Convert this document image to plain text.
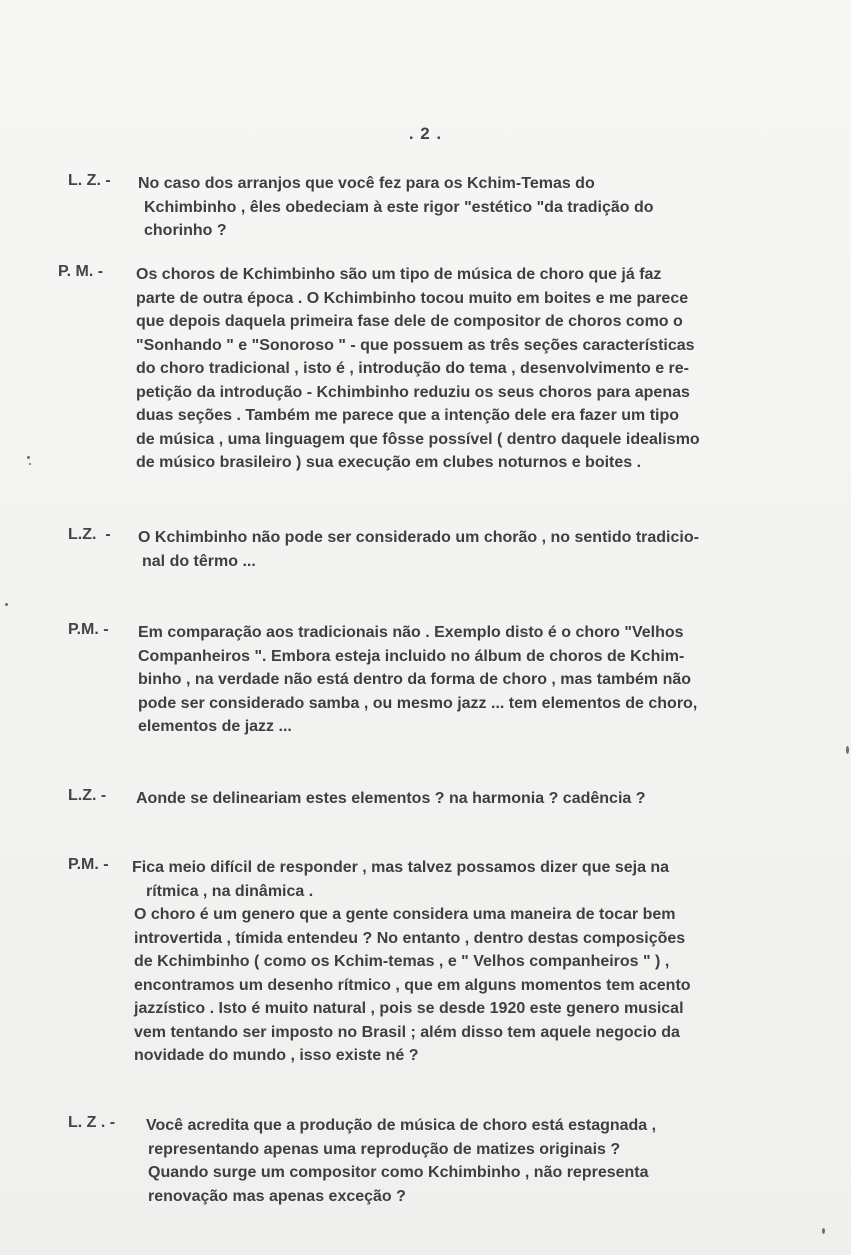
. 2 .
L. Z. - No caso dos arranjos que você fez para os Kchim-Temas do
Kchimbinho , êles obedeciam à este rigor "estético "da tradição do
chorinho ?
P. M. - Os choros de Kchimbinho são um tipo de música de choro que já faz
parte de outra época . O Kchimbinho tocou muito em boites e me parece
que depois daquela primeira fase dele de compositor de choros como o
"Sonhando " e "Sonoroso " - que possuem as três seções características
do choro tradicional , isto é , introdução do tema , desenvolvimento e re-
petição da introdução - Kchimbinho reduziu os seus choros para apenas
duas seções . Também me parece que a intenção dele era fazer um tipo
de música , uma linguagem que fôsse possível ( dentro daquele idealismo
de músico brasileiro ) sua execução em clubes noturnos e boites .
L.Z.  - O Kchimbinho não pode ser considerado um chorão , no sentido tradicio-
nal do têrmo ...
P.M. - Em comparação aos tradicionais não . Exemplo disto é o choro "Velhos
Companheiros ". Embora esteja incluido no álbum de choros de Kchim-
binho , na verdade não está dentro da forma de choro , mas também não
pode ser considerado samba , ou mesmo jazz ... tem elementos de choro,
elementos de jazz ...
L.Z. - Aonde se delineariam estes elementos ? na harmonia ? cadência ?
P.M. - Fica meio difícil de responder , mas talvez possamos dizer que seja na
rítmica , na dinâmica .
O choro é um genero que a gente considera uma maneira de tocar bem
introvertida , tímida entendeu ? No entanto , dentro destas composições
de Kchimbinho ( como os Kchim-temas , e " Velhos companheiros " ) ,
encontramos um desenho rítmico , que em alguns momentos tem acento
jazzístico . Isto é muito natural , pois se desde 1920 este genero musical
vem tentando ser imposto no Brasil ; além disso tem aquele negocio da
novidade do mundo , isso existe né ?
L. Z . - Você acredita que a produção de música de choro está estagnada ,
representando apenas uma reprodução de matizes originais ?
Quando surge um compositor como Kchimbinho , não representa
renovação mas apenas exceção ?
